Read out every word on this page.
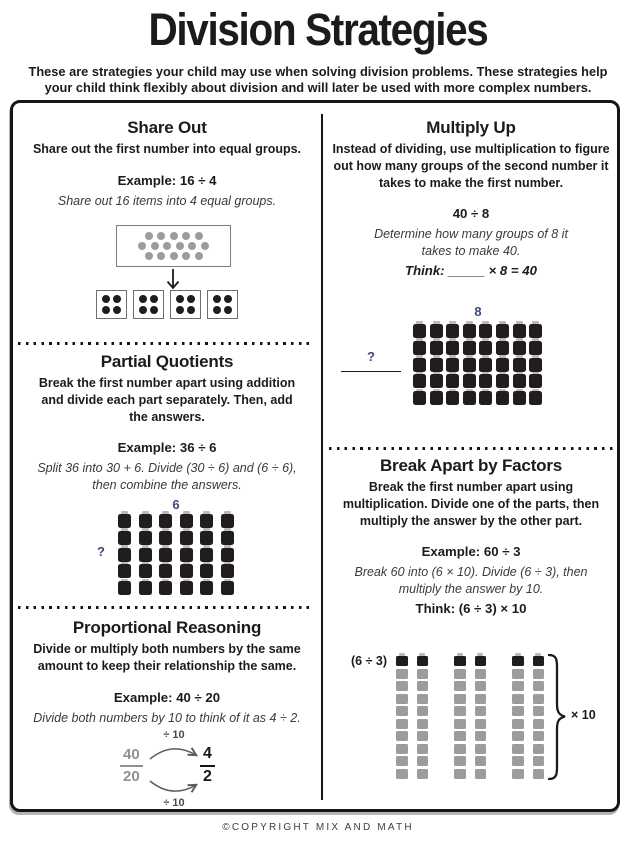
Division Strategies

These are strategies your child may use when solving division problems. These strategies help your child think flexibly about division and will later be used with more complex numbers.

Share Out

Share out the first number into equal groups.

Example: 16 ÷ 4

Share out 16 items into 4 equal groups.

Partial Quotients

Break the first number apart using addition and divide each part separately. Then, add the answers.

Example: 36 ÷ 6

Split 36 into 30 + 6. Divide (30 ÷ 6) and (6 ÷ 6), then combine the answers.

6
?
Proportional Reasoning

Divide or multiply both numbers by the same amount to keep their relationship the same.

Example: 40 ÷ 20

Divide both numbers by 10 to think of it as 4 ÷ 2.

÷ 10
$\frac{40}{20}$	$\frac{4}{2}$
÷ 10
Multiply Up

Instead of dividing, use multiplication to figure out how many groups of the second number it takes to make the first number.

40 ÷ 8

Determine how many groups of 8 it takes to make 40.

Think: _____ × 8 = 40

8
?
Break Apart by Factors

Break the first number apart using multiplication. Divide one of the parts, then multiply the answer by the other part.

Example: 60 ÷ 3

Break 60 into (6 × 10). Divide (6 ÷ 3), then multiply the answer by 10.

Think: (6 ÷ 3) × 10

(6 ÷ 3)
× 10

©COPYRIGHT MIX AND MATH
